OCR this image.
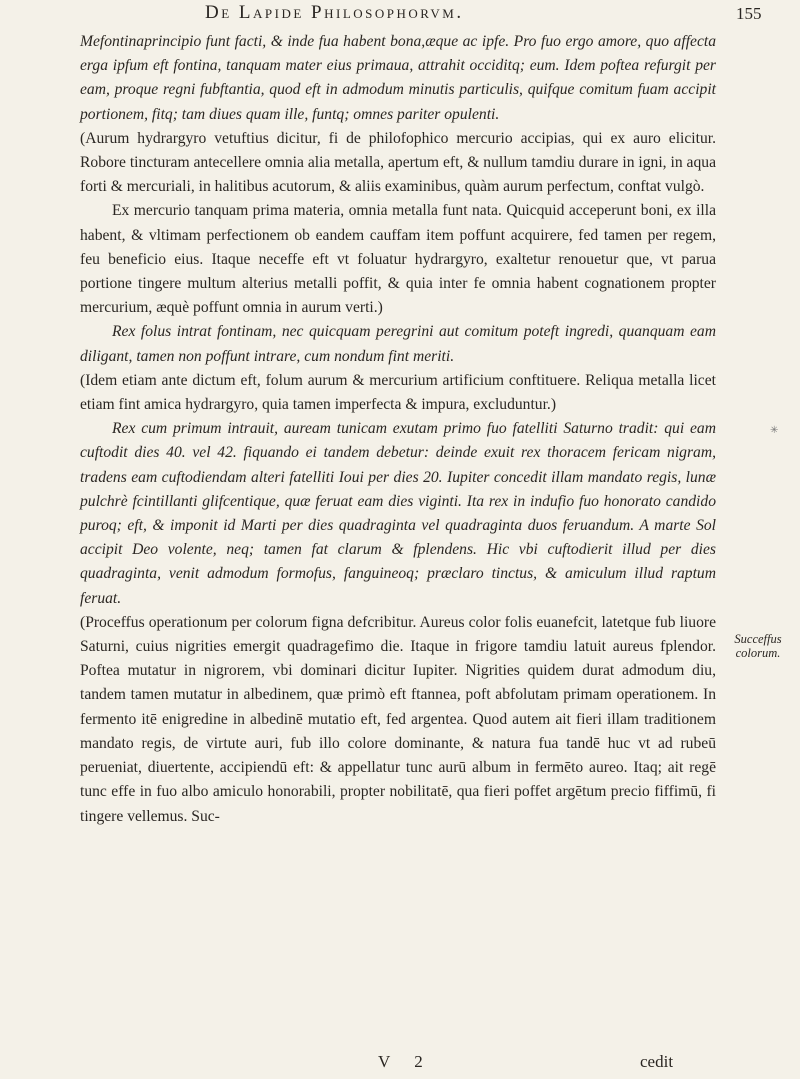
De Lapide Philosophorvm.	155

Mefontinaprincipio funt facti, & inde fua habent bona,æque ac ipfe. Pro fuo ergo amore, quo affecta erga ipfum eft fontina, tanquam mater eius primaua, attrahit occiditq; eum. Idem poftea refurgit per eam, proque regni fubftantia, quod eft in admodum minutis particulis, quifque comitum fuam accipit portionem, fitq; tam diues quam ille, funtq; omnes pariter opulenti.

(Aurum hydrargyro vetuftius dicitur, fi de philofophico mercurio accipias, qui ex auro elicitur. Robore tincturam antecellere omnia alia metalla, apertum eft, & nullum tamdiu durare in igni, in aqua forti & mercuriali, in halitibus acutorum, & aliis examinibus, quàm aurum perfectum, conftat vulgò.

Ex mercurio tanquam prima materia, omnia metalla funt nata. Quicquid acceperunt boni, ex illa habent, & vltimam perfectionem ob eandem cauffam item poffunt acquirere, fed tamen per regem, feu beneficio eius. Itaque neceffe eft vt foluatur hydrargyro, exaltetur renouetur que, vt parua portione tingere multum alterius metalli poffit, & quia inter fe omnia habent cognationem propter mercurium, æquè poffunt omnia in aurum verti.)

Rex folus intrat fontinam, nec quicquam peregrini aut comitum poteft ingredi, quanquam eam diligant, tamen non poffunt intrare, cum nondum fint meriti.

(Idem etiam ante dictum eft, folum aurum & mercurium artificium conftituere. Reliqua metalla licet etiam fint amica hydrargyro, quia tamen imperfecta & impura, excluduntur.)

Rex cum primum intrauit, auream tunicam exutam primo fuo fatelliti Saturno tradit: qui eam cuftodit dies 40. vel 42. fiquando ei tandem debetur: deinde exuit rex thoracem fericam nigram, tradens eam cuftodiendam alteri fatelliti Ioui per dies 20. Iupiter concedit illam mandato regis, lunæ pulchrè fcintillanti glifcentique, quæ feruat eam dies viginti. Ita rex in indufio fuo honorato candido puroq; eft, & imponit id Marti per dies quadraginta vel quadraginta duos feruandum. A marte Sol accipit Deo volente, neq; tamen fat clarum & fplendens. Hic vbi cuftodierit illud per dies quadraginta, venit admodum formofus, fanguineoq; præclaro tinctus, & amiculum illud raptum feruat.

(Proceffus operationum per colorum figna defcribitur. Aureus color folis euanefcit, latetque fub liuore Saturni, cuius nigrities emergit quadragefimo die. Itaque in frigore tamdiu latuit aureus fplendor. Poftea mutatur in nigrorem, vbi dominari dicitur Iupiter. Nigrities quidem durat admodum diu, tandem tamen mutatur in albedinem, quæ primò eft ftannea, poft abfolutam primam operationem. In fermento itē enigredine in albedinē mutatio eft, fed argentea. Quod autem ait fieri illam traditionem mandato regis, de virtute auri, fub illo colore dominante, & natura fua tandē huc vt ad rubeū perueniat, diuertente, accipiendū eft: & appellatur tunc aurū album in fermēto aureo. Itaq; ait regē tunc effe in fuo albo amiculo honorabili, propter nobilitatē, qua fieri poffet argētum precio fiffimū, fi tingere vellemus. Suc-

Succeffus colorum.
✳
V 2	cedit
